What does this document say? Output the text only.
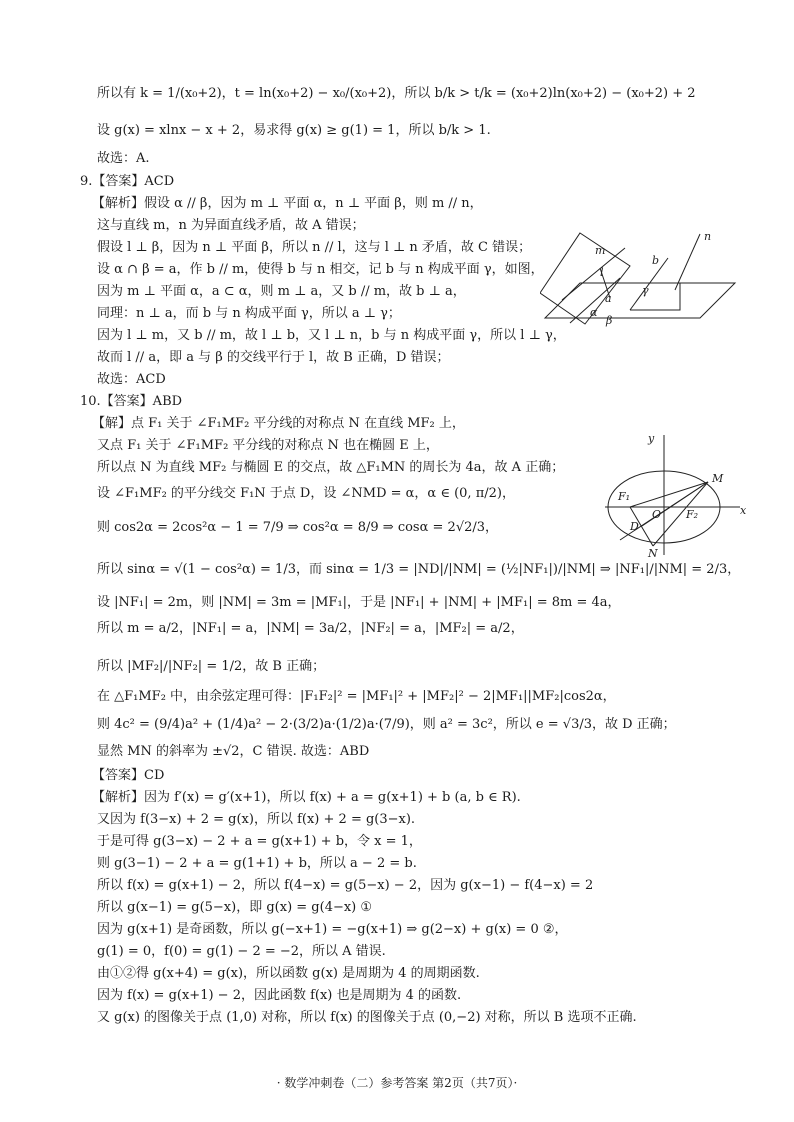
所以有 k = 1/(x₀+2)，t = ln(x₀+2) − x₀/(x₀+2)，所以 b/k > t/k = (x₀+2)ln(x₀+2) − (x₀+2) + 2
设 g(x) = xlnx − x + 2，易求得 g(x) ≥ g(1) = 1，所以 b/k > 1.
故选：A.
9.【答案】ACD
【解析】假设 α // β，因为 m ⊥ 平面 α，n ⊥ 平面 β，则 m // n，
这与直线 m，n 为异面直线矛盾，故 A 错误；
假设 l ⊥ β，因为 n ⊥ 平面 β，所以 n // l，这与 l ⊥ n 矛盾，故 C 错误；
设 α ∩ β = a，作 b // m，使得 b 与 n 相交，记 b 与 n 构成平面 γ，如图，
因为 m ⊥ 平面 α，a ⊂ α，则 m ⊥ a，又 b // m，故 b ⊥ a，
同理：n ⊥ a，而 b 与 n 构成平面 γ，所以 a ⊥ γ；
因为 l ⊥ m，又 b // m，故 l ⊥ b，又 l ⊥ n，b 与 n 构成平面 γ，所以 l ⊥ γ，
故而 l // a，即 a 与 β 的交线平行于 l，故 B 正确，D 错误；
故选：ACD
10.【答案】ABD
【解】点 F₁ 关于 ∠F₁MF₂ 平分线的对称点 N 在直线 MF₂ 上，
又点 F₁ 关于 ∠F₁MF₂ 平分线的对称点 N 也在椭圆 E 上，
所以点 N 为直线 MF₂ 与椭圆 E 的交点，故 △F₁MN 的周长为 4a，故 A 正确；
设 ∠F₁MF₂ 的平分线交 F₁N 于点 D，设 ∠NMD = α，α ∈ (0, π/2)，
则 cos2α = 2cos²α − 1 = 7/9 ⇒ cos²α = 8/9 ⇒ cosα = 2√2/3，
所以 sinα = √(1 − cos²α) = 1/3，而 sinα = 1/3 = |ND|/|NM| = (½|NF₁|)/|NM| ⇒ |NF₁|/|NM| = 2/3，
设 |NF₁| = 2m，则 |NM| = 3m = |MF₁|，于是 |NF₁| + |NM| + |MF₁| = 8m = 4a，
所以 m = a/2，|NF₁| = a，|NM| = 3a/2，|NF₂| = a，|MF₂| = a/2，
所以 |MF₂|/|NF₂| = 1/2，故 B 正确；
在 △F₁MF₂ 中，由余弦定理可得：|F₁F₂|² = |MF₁|² + |MF₂|² − 2|MF₁||MF₂|cos2α，
则 4c² = (9/4)a² + (1/4)a² − 2·(3/2)a·(1/2)a·(7/9)，则 a² = 3c²，所以 e = √3/3，故 D 正确；
显然 MN 的斜率为 ±√2，C 错误. 故选：ABD
【答案】CD
【解析】因为 f′(x) = g′(x+1)，所以 f(x) + a = g(x+1) + b (a, b ∈ R).
又因为 f(3−x) + 2 = g(x)，所以 f(x) + 2 = g(3−x).
于是可得 g(3−x) − 2 + a = g(x+1) + b，令 x = 1，
则 g(3−1) − 2 + a = g(1+1) + b，所以 a − 2 = b.
所以 f(x) = g(x+1) − 2，所以 f(4−x) = g(5−x) − 2，因为 g(x−1) − f(4−x) = 2
所以 g(x−1) = g(5−x)，即 g(x) = g(4−x) ①
因为 g(x+1) 是奇函数，所以 g(−x+1) = −g(x+1) ⇒ g(2−x) + g(x) = 0 ②，
g(1) = 0，f(0) = g(1) − 2 = −2，所以 A 错误.
由①②得 g(x+4) = g(x)，所以函数 g(x) 是周期为 4 的周期函数.
因为 f(x) = g(x+1) − 2，因此函数 f(x) 也是周期为 4 的函数.
又 g(x) 的图像关于点 (1,0) 对称，所以 f(x) 的图像关于点 (0,−2) 对称，所以 B 选项不正确.
n
m
l
b
a
γ
α
β
y
M
F₁
O F₂	x
D
N
· 数学冲刺卷（二）参考答案 第2页（共7页）·
